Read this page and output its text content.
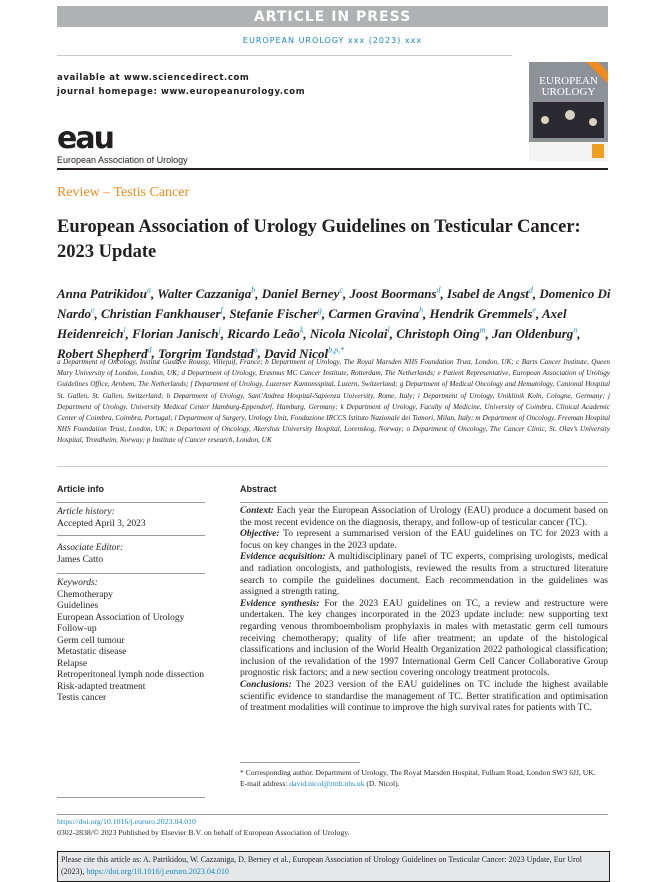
ARTICLE IN PRESS
EUROPEAN UROLOGY xxx (2023) xxx
available at www.sciencedirect.com
journal homepage: www.europeanurology.com
eau
European Association of Urology
EUROPEAN
UROLOGY
Review – Testis Cancer
European Association of Urology Guidelines on Testicular Cancer: 2023 Update
Anna Patrikidou$^a$, Walter Cazzaniga$^b$, Daniel Berney$^c$, Joost Boormans$^d$, Isabel de Angst$^d$, Domenico Di Nardo$^e$, Christian Fankhauser$^f$, Stefanie Fischer$^g$, Carmen Gravina$^h$, Hendrik Gremmels$^e$, Axel Heidenreich$^i$, Florian Janisch$^j$, Ricardo Leão$^k$, Nicola Nicolai$^l$, Christoph Oing$^m$, Jan Oldenburg$^n$, Robert Shepherd$^d$, Torgrim Tandstad$^o$, David Nicol$^{b,p,*}$
a Department of Oncology, Institut Gustave Roussy, Villejuif, France; b Department of Urology, The Royal Marsden NHS Foundation Trust, London, UK; c Barts Cancer Institute, Queen Mary University of London, London, UK; d Department of Urology, Erasmus MC Cancer Institute, Rotterdam, The Netherlands; e Patient Representative, European Association of Urology Guidelines Office, Arnhem, The Netherlands; f Department of Urology, Luzerner Kantonsspital, Luzern, Switzerland; g Department of Medical Oncology and Hematology, Cantonal Hospital St. Gallen, St. Gallen, Switzerland; h Department of Urology, Sant’Andrea Hospital-Sapienza University, Rome, Italy; i Department of Urology, Uniklinik Koln, Cologne, Germany; j Department of Urology, University Medical Center Hamburg-Eppendorf, Hamburg, Germany; k Department of Urology, Faculty of Medicine, University of Coimbra, Clinical Academic Center of Coimbra, Coimbra, Portugal; l Department of Surgery, Urology Unit, Fondazione IRCCS Istituto Nazionale dei Tumori, Milan, Italy; m Department of Oncology, Freeman Hospital NHS Foundation Trust, London, UK; n Department of Oncology, Akershus University Hospital, Lorenskog, Norway; o Department of Oncology, The Cancer Clinic, St. Olav’s University Hospital, Trondheim, Norway; p Institute of Cancer research, London, UK
Article info
Article history:
Accepted April 3, 2023
Associate Editor:
James Catto
Keywords:
Chemotherapy
Guidelines
European Association of Urology
Follow-up
Germ cell tumour
Metastatic disease
Relapse
Retroperitoneal lymph node dissection
Risk-adapted treatment
Testis cancer
Abstract

Context: Each year the European Association of Urology (EAU) produce a document based on the most recent evidence on the diagnosis, therapy, and follow-up of testicular cancer (TC).

Objective: To represent a summarised version of the EAU guidelines on TC for 2023 with a focus on key changes in the 2023 update.

Evidence acquisition: A multidisciplinary panel of TC experts, comprising urologists, medical and radiation oncologists, and pathologists, reviewed the results from a structured literature search to compile the guidelines document. Each recommendation in the guidelines was assigned a strength rating.

Evidence synthesis: For the 2023 EAU guidelines on TC, a review and restructure were undertaken. The key changes incorporated in the 2023 update include: new supporting text regarding venous thromboembolism prophylaxis in males with metastatic germ cell tumours receiving chemotherapy; quality of life after treatment; an update of the histological classifications and inclusion of the World Health Organization 2022 pathological classification; inclusion of the revalidation of the 1997 International Germ Cell Cancer Collaborative Group prognostic risk factors; and a new section covering oncology treatment protocols.

Conclusions: The 2023 version of the EAU guidelines on TC include the highest available scientific evidence to standardise the management of TC. Better stratification and optimisation of treatment modalities will continue to improve the high survival rates for patients with TC.

* Corresponding author. Department of Urology, The Royal Marsden Hospital, Fulham Road, London SW3 6JJ, UK.
E-mail address: david.nicol@rmh.nhs.uk (D. Nicol).
https://doi.org/10.1016/j.eururo.2023.04.010
0302-2838/© 2023 Published by Elsevier B.V. on behalf of European Association of Urology.
Please cite this article as: A. Patrikidou, W. Cazzaniga, D. Berney et al., European Association of Urology Guidelines on Testicular Cancer: 2023 Update, Eur Urol (2023), https://doi.org/10.1016/j.eururo.2023.04.010
